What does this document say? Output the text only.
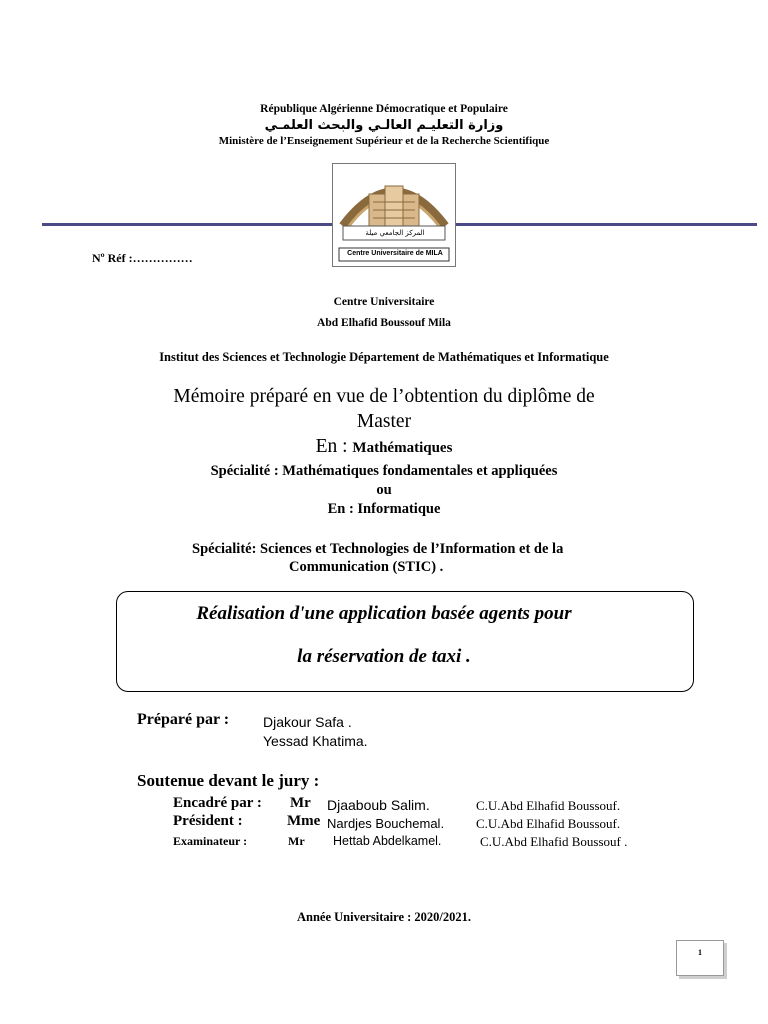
République Algérienne Démocratique et Populaire
وزارة التعليـم العالـي والبحث العلمـي
Ministère de l’Enseignement Supérieur et de la Recherche Scientifique
المركز الجامعي ميلة
Centre Universitaire de MILA
Nº Réf :……………
Centre Universitaire
Abd Elhafid Boussouf Mila
Institut des Sciences et Technologie Département de Mathématiques et Informatique
Mémoire préparé en vue de l’obtention du diplôme de
Master
En : Mathématiques
Spécialité : Mathématiques fondamentales et appliquées
ou
En : Informatique
Spécialité: Sciences et Technologies de l’Information et de la
Communication (STIC) .
Réalisation d'une application basée agents pour
la réservation de taxi .
Préparé par : Djakour Safa .
Yessad Khatima.
Soutenue devant le jury :
Encadré par : Mr Djaaboub Salim.	C.U.Abd Elhafid Boussouf.
Président :	Mme Nardjes Bouchemal. C.U.Abd Elhafid Boussouf.
Examinateur :	Mr Hettab Abdelkamel.	C.U.Abd Elhafid Boussouf .
Année Universitaire : 2020/2021.
1
